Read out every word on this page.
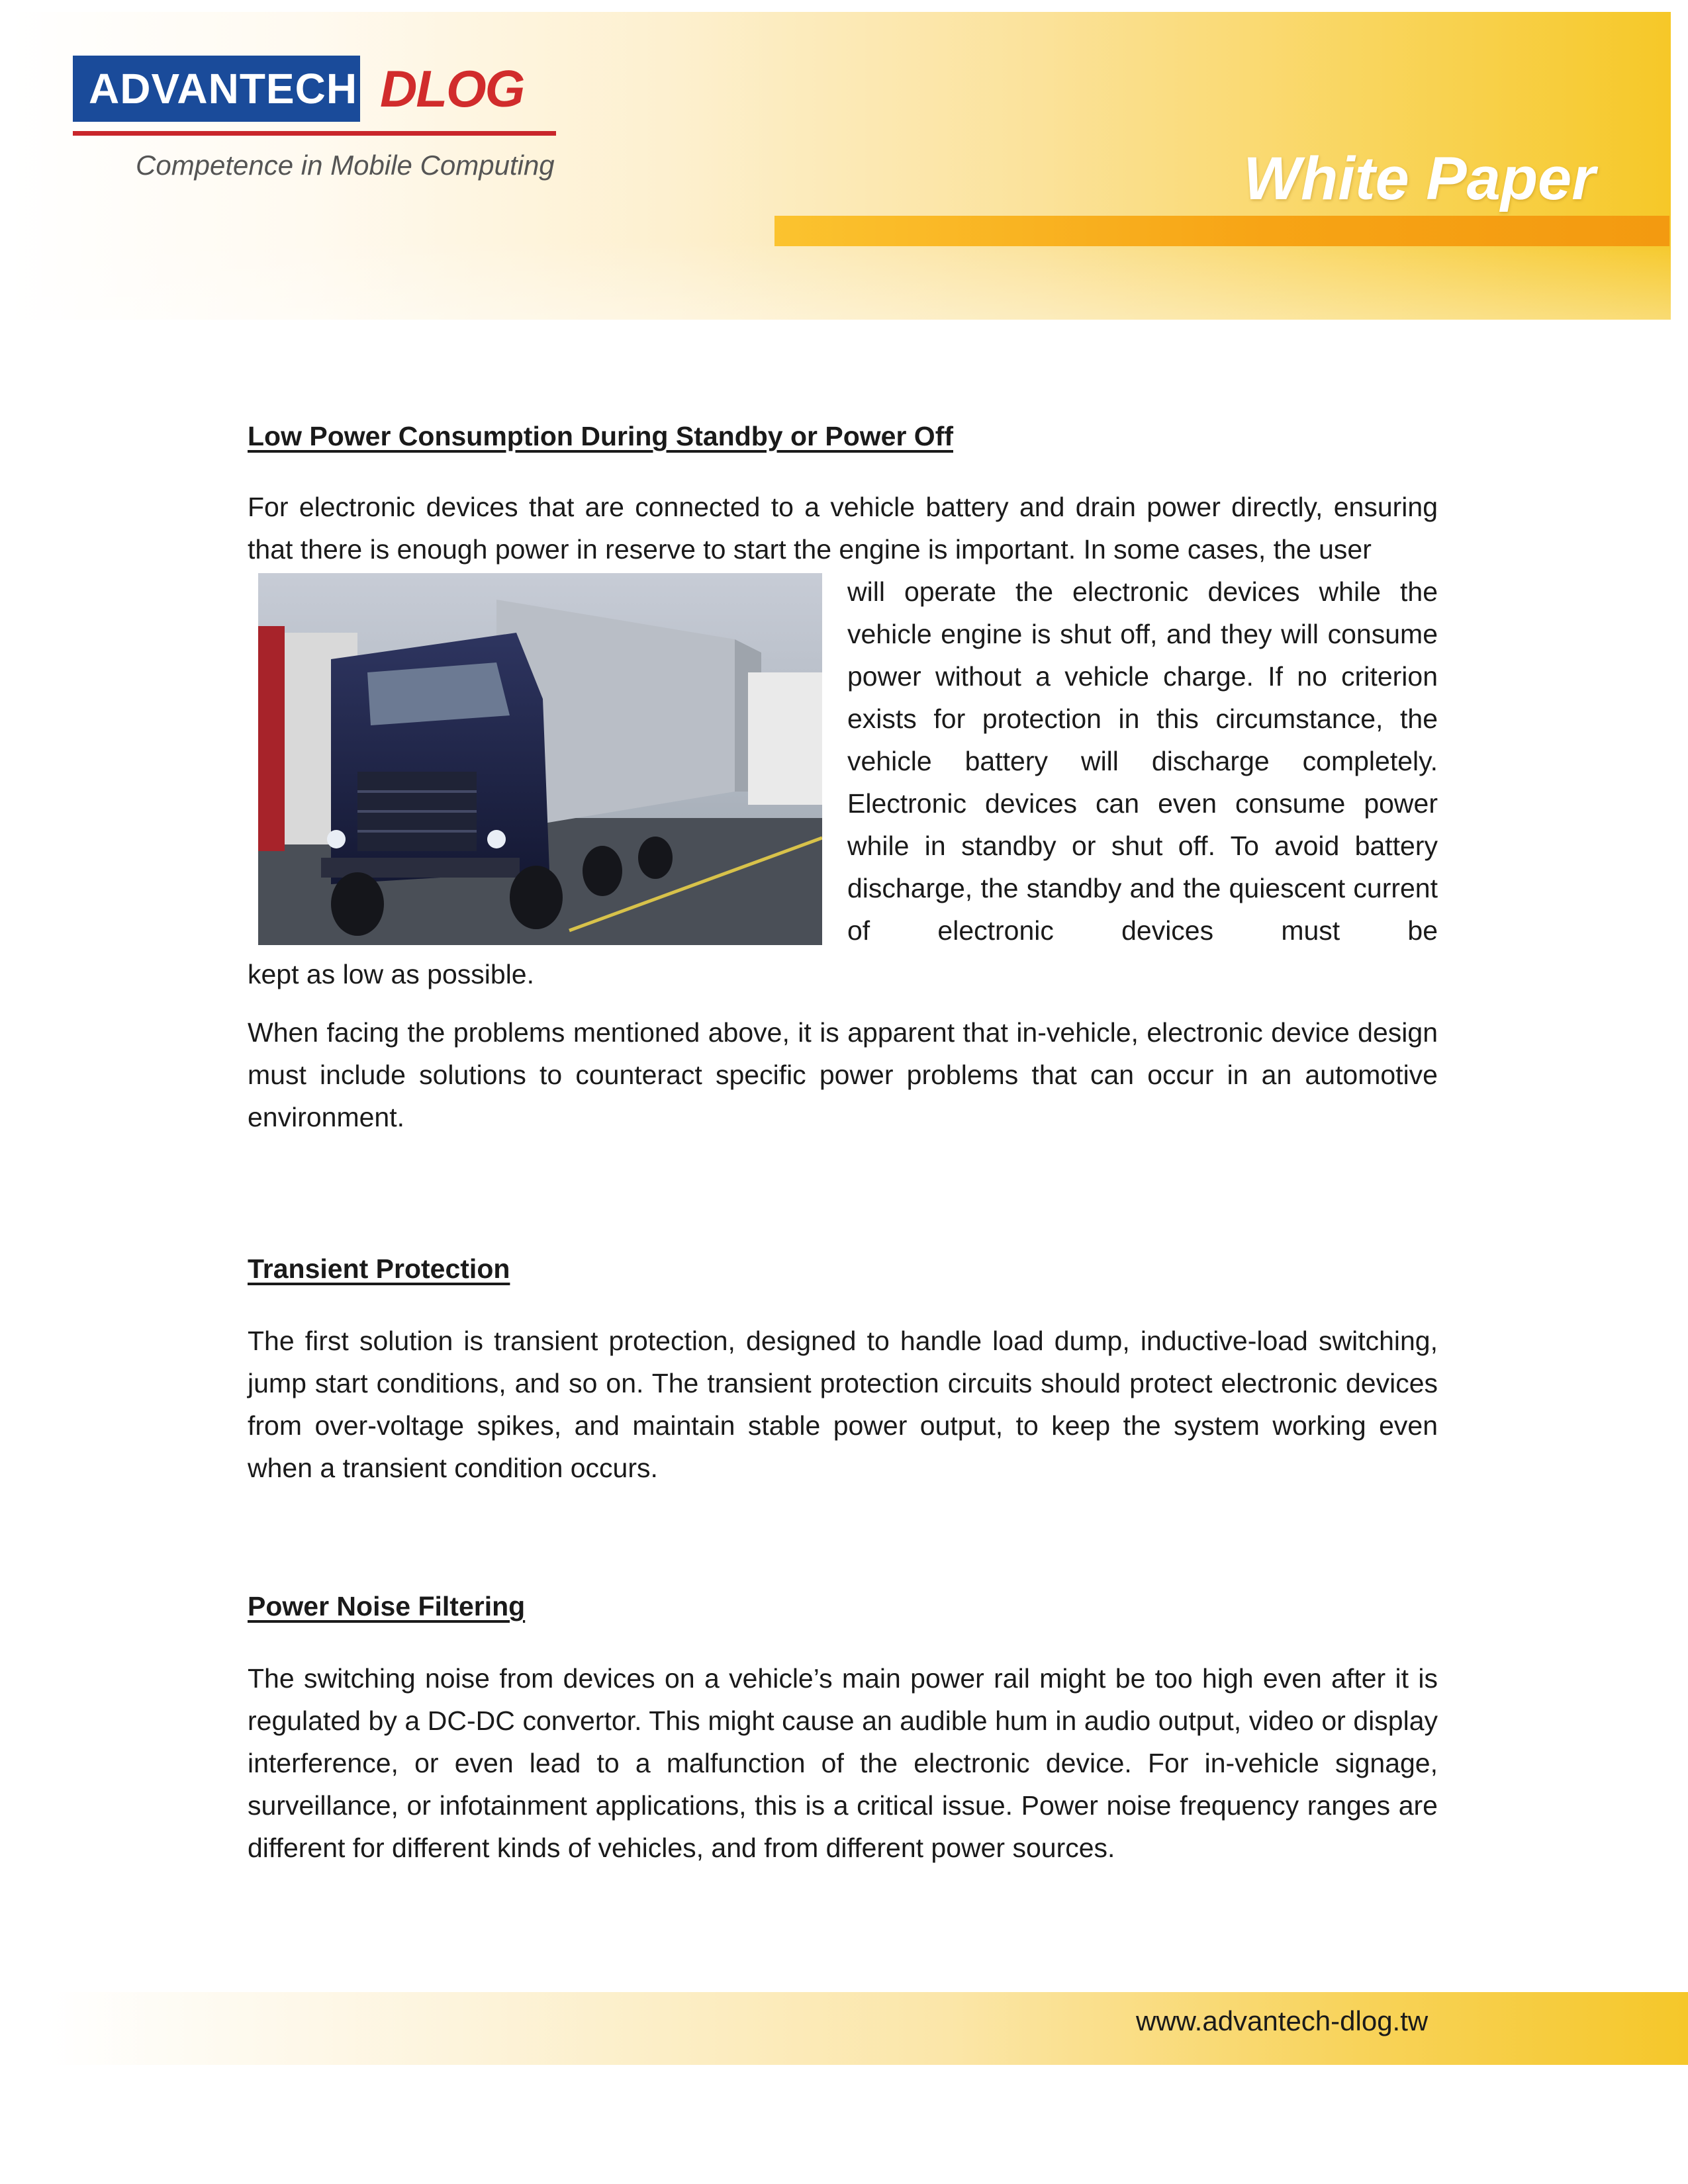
ADVANTECH DLOG
Competence in Mobile Computing	White Paper
Low Power Consumption During Standby or Power Off

For electronic devices that are connected to a vehicle battery and drain power directly, ensuring that there is enough power in reserve to start the engine is important. In some cases, the user

will operate the electronic devices while the vehicle engine is shut off, and they will consume power without a vehicle charge. If no criterion exists for protection in this circumstance, the vehicle battery will discharge completely. Electronic devices can even consume power while in standby or shut off. To avoid battery discharge, the standby and the quiescent current of electronic devices must be

kept as low as possible.

When facing the problems mentioned above, it is apparent that in-vehicle, electronic device design must include solutions to counteract specific power problems that can occur in an automotive environment.

Transient Protection

The first solution is transient protection, designed to handle load dump, inductive-load switching, jump start conditions, and so on. The transient protection circuits should protect electronic devices from over-voltage spikes, and maintain stable power output, to keep the system working even when a transient condition occurs.

Power Noise Filtering

The switching noise from devices on a vehicle’s main power rail might be too high even after it is regulated by a DC-DC convertor. This might cause an audible hum in audio output, video or display interference, or even lead to a malfunction of the electronic device. For in-vehicle signage, surveillance, or infotainment applications, this is a critical issue. Power noise frequency ranges are different for different kinds of vehicles, and from different power sources.

www.advantech-dlog.tw
